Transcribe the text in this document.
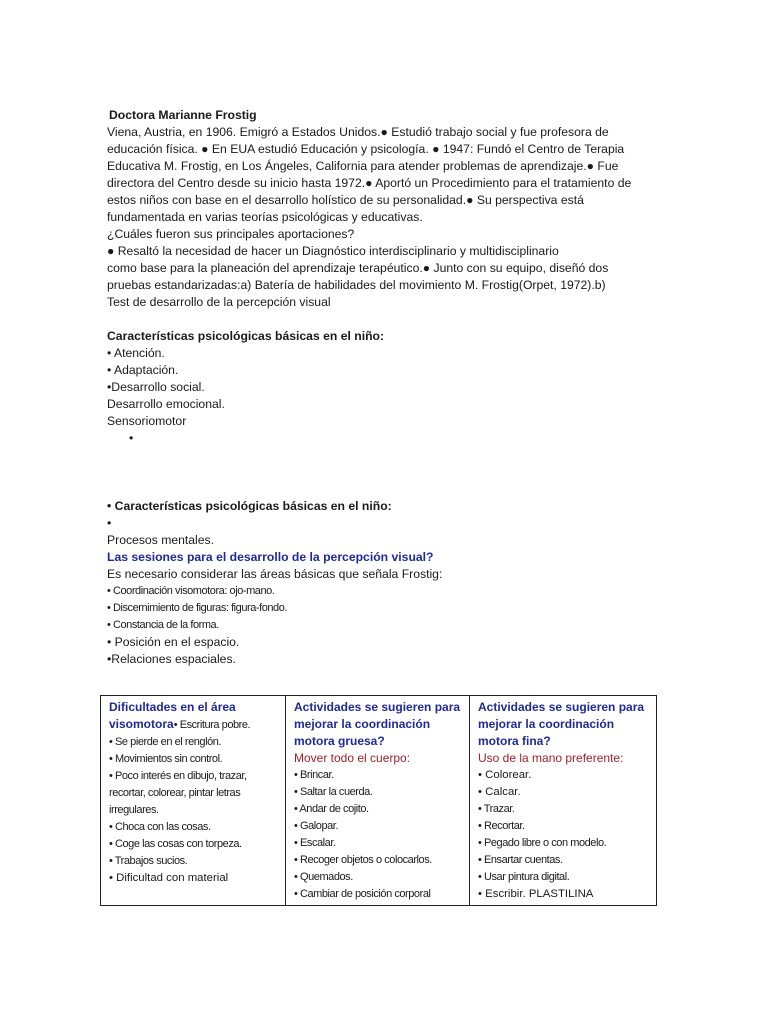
Doctora Marianne Frostig
Viena, Austria, en 1906. Emigró a Estados Unidos.● Estudió trabajo social y fue profesora de
educación física. ● En EUA estudió Educación y psicología. ● 1947: Fundó el Centro de Terapia
Educativa M. Frostig, en Los Ángeles, California para atender problemas de aprendizaje.● Fue
directora del Centro desde su inicio hasta 1972.● Aportó un Procedimiento para el tratamiento de
estos niños con base en el desarrollo holístico de su personalidad.● Su perspectiva está
fundamentada en varias teorías psicológicas y educativas.
¿Cuáles fueron sus principales aportaciones?
● Resaltó la necesidad de hacer un Diagnóstico interdisciplinario y multidisciplinario
como base para la planeación del aprendizaje terapéutico.● Junto con su equipo, diseñó dos
pruebas estandarizadas:a) Batería de habilidades del movimiento M. Frostig(Orpet, 1972).b)
Test de desarrollo de la percepción visual
Características psicológicas básicas en el niño:
• Atención.
• Adaptación.
•Desarrollo social.
Desarrollo emocional.
Sensoriomotor
•
• Características psicológicas básicas en el niño:
•
Procesos mentales.
Las sesiones para el desarrollo de la percepción visual?
Es necesario considerar las áreas básicas que señala Frostig:
• Coordinación visomotora: ojo-mano.
• Discernimiento de figuras: figura-fondo.
• Constancia de la forma.
• Posición en el espacio.
•Relaciones espaciales.
Dificultades en el área
visomotora• Escritura pobre.
• Se pierde en el renglón.
• Movimientos sin control.
• Poco interés en dibujo, trazar,
recortar, colorear, pintar letras
irregulares.
• Choca con las cosas.
• Coge las cosas con torpeza.
• Trabajos sucios.
• Dificultad con material

Actividades se sugieren para
mejorar la coordinación
motora gruesa?
Mover todo el cuerpo:
• Brincar.
• Saltar la cuerda.
• Andar de cojito.
• Galopar.
• Escalar.
• Recoger objetos o colocarlos.
• Quemados.
• Cambiar de posición corporal

Actividades se sugieren para
mejorar la coordinación
motora fina?
Uso de la mano preferente:
• Colorear.
• Calcar.
• Trazar.
• Recortar.
• Pegado libre o con modelo.
• Ensartar cuentas.
• Usar pintura digital.
• Escribir. PLASTILINA
